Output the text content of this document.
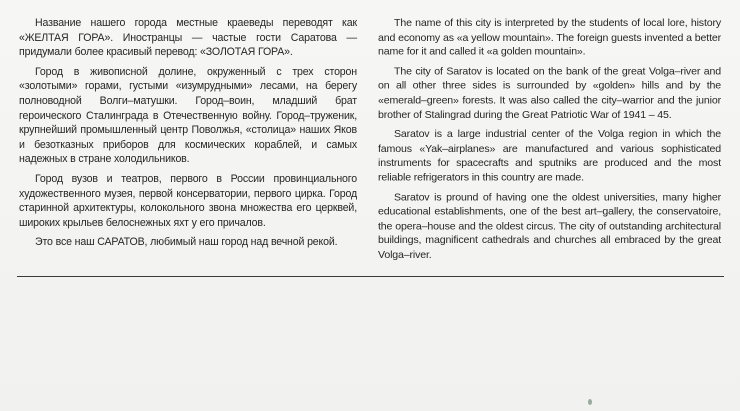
Название нашего города местные краеведы переводят как «ЖЕЛТАЯ ГОРА». Иностранцы — частые гости Саратова — придумали более красивый перевод: «ЗОЛОТАЯ ГОРА».

Город в живописной долине, окруженный с трех сторон «золотыми» горами, густыми «изумрудными» лесами, на берегу полноводной Волги–матушки. Город–воин, младший брат героического Сталинграда в Отечественную войну. Город–труженик, крупнейший промышленный центр Поволжья, «столица» наших Яков и безотказных приборов для космических кораблей, и самых надежных в стране холодильников.

Город вузов и театров, первого в России провинциального художественного музея, первой консерватории, первого цирка. Город старинной архитектуры, колокольного звона множества его церквей, широких крыльев белоснежных яхт у его причалов.

Это все наш САРАТОВ, любимый наш город над вечной рекой.

The name of this city is interpreted by the students of local lore, history and economy as «a yellow mountain». The foreign guests invented a better name for it and called it «a golden mountain».

The city of Saratov is located on the bank of the great Volga–river and on all other three sides is surrounded by «golden» hills and by the «emerald–green» forests. It was also called the city–warrior and the junior brother of Stalingrad during the Great Patriotic War of 1941 – 45.

Saratov is a large industrial center of the Volga region in which the famous «Yak–airplanes» are manufactured and various sophisticated instruments for spacecrafts and sputniks are produced and the most reliable refrigerators in this country are made.

Saratov is pround of having one the oldest universities, many higher educational establishments, one of the best art–gallery, the conservatoire, the opera–house and the oldest circus. The city of outstanding architectural buildings, magnificent cathedrals and churches all embraced by the great Volga–river.
